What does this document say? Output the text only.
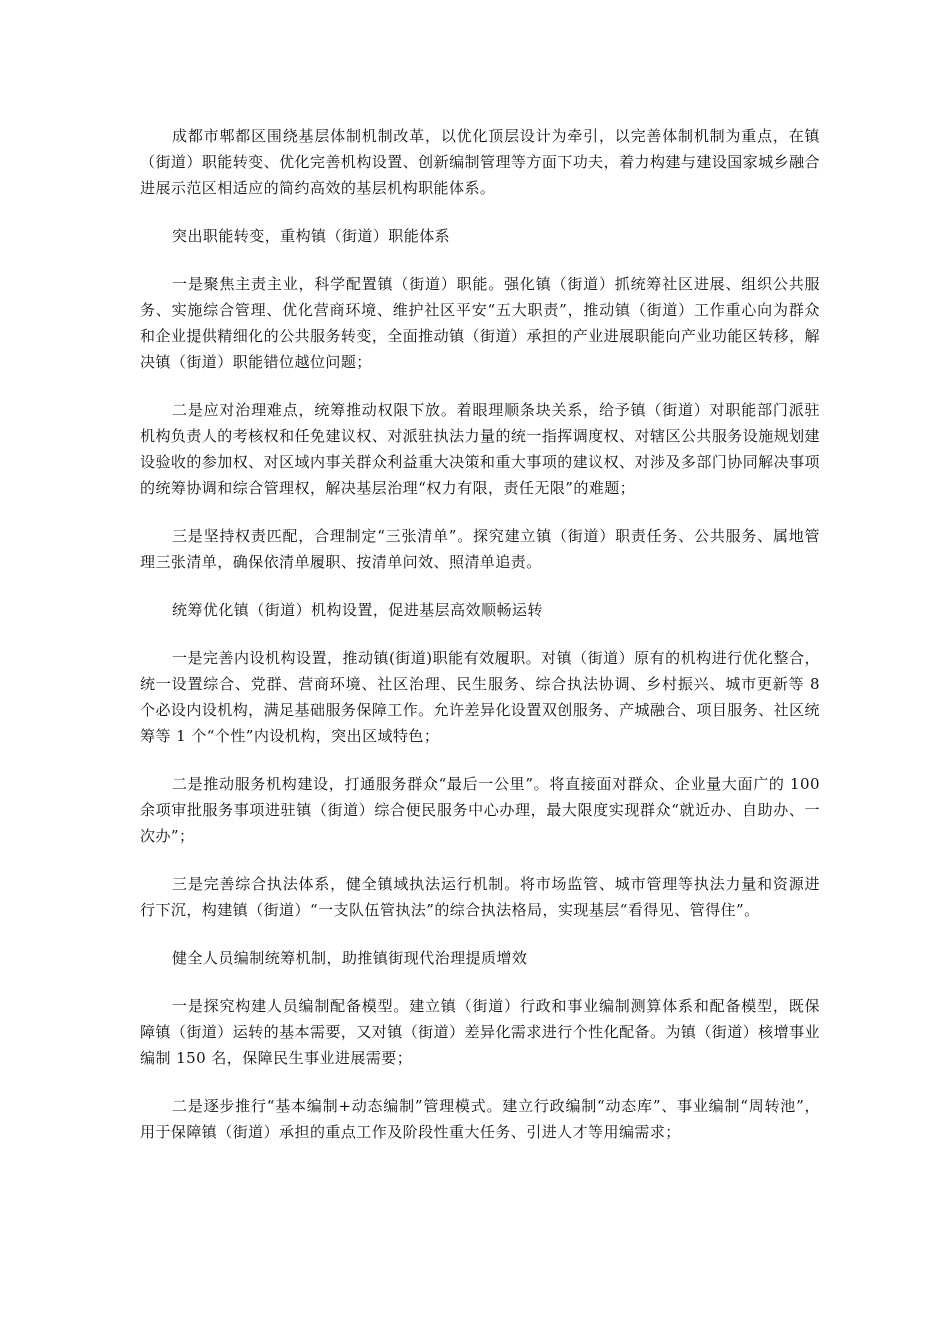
成都市郫都区围绕基层体制机制改革，以优化顶层设计为牵引，以完善体制机制为重点，在镇（街道）职能转变、优化完善机构设置、创新编制管理等方面下功夫，着力构建与建设国家城乡融合进展示范区相适应的简约高效的基层机构职能体系。

突出职能转变，重构镇（街道）职能体系

一是聚焦主责主业，科学配置镇（街道）职能。强化镇（街道）抓统筹社区进展、组织公共服务、实施综合管理、优化营商环境、维护社区平安“五大职责”，推动镇（街道）工作重心向为群众和企业提供精细化的公共服务转变，全面推动镇（街道）承担的产业进展职能向产业功能区转移，解决镇（街道）职能错位越位问题；

二是应对治理难点，统筹推动权限下放。着眼理顺条块关系，给予镇（街道）对职能部门派驻机构负责人的考核权和任免建议权、对派驻执法力量的统一指挥调度权、对辖区公共服务设施规划建设验收的参加权、对区域内事关群众利益重大决策和重大事项的建议权、对涉及多部门协同解决事项的统筹协调和综合管理权，解决基层治理“权力有限，责任无限”的难题；

三是坚持权责匹配，合理制定“三张清单”。探究建立镇（街道）职责任务、公共服务、属地管理三张清单，确保依清单履职、按清单问效、照清单追责。

统筹优化镇（街道）机构设置，促进基层高效顺畅运转

一是完善内设机构设置，推动镇(街道)职能有效履职。对镇（街道）原有的机构进行优化整合，统一设置综合、党群、营商环境、社区治理、民生服务、综合执法协调、乡村振兴、城市更新等 8 个必设内设机构，满足基础服务保障工作。允许差异化设置双创服务、产城融合、项目服务、社区统筹等 1 个“个性”内设机构，突出区域特色；

二是推动服务机构建设，打通服务群众“最后一公里”。将直接面对群众、企业量大面广的 100 余项审批服务事项进驻镇（街道）综合便民服务中心办理，最大限度实现群众“就近办、自助办、一次办”；

三是完善综合执法体系，健全镇域执法运行机制。将市场监管、城市管理等执法力量和资源进行下沉，构建镇（街道）“一支队伍管执法”的综合执法格局，实现基层“看得见、管得住”。

健全人员编制统筹机制，助推镇街现代治理提质增效

一是探究构建人员编制配备模型。建立镇（街道）行政和事业编制测算体系和配备模型，既保障镇（街道）运转的基本需要，又对镇（街道）差异化需求进行个性化配备。为镇（街道）核增事业编制 150 名，保障民生事业进展需要；

二是逐步推行“基本编制+动态编制”管理模式。建立行政编制“动态库”、事业编制“周转池”，用于保障镇（街道）承担的重点工作及阶段性重大任务、引进人才等用编需求；
